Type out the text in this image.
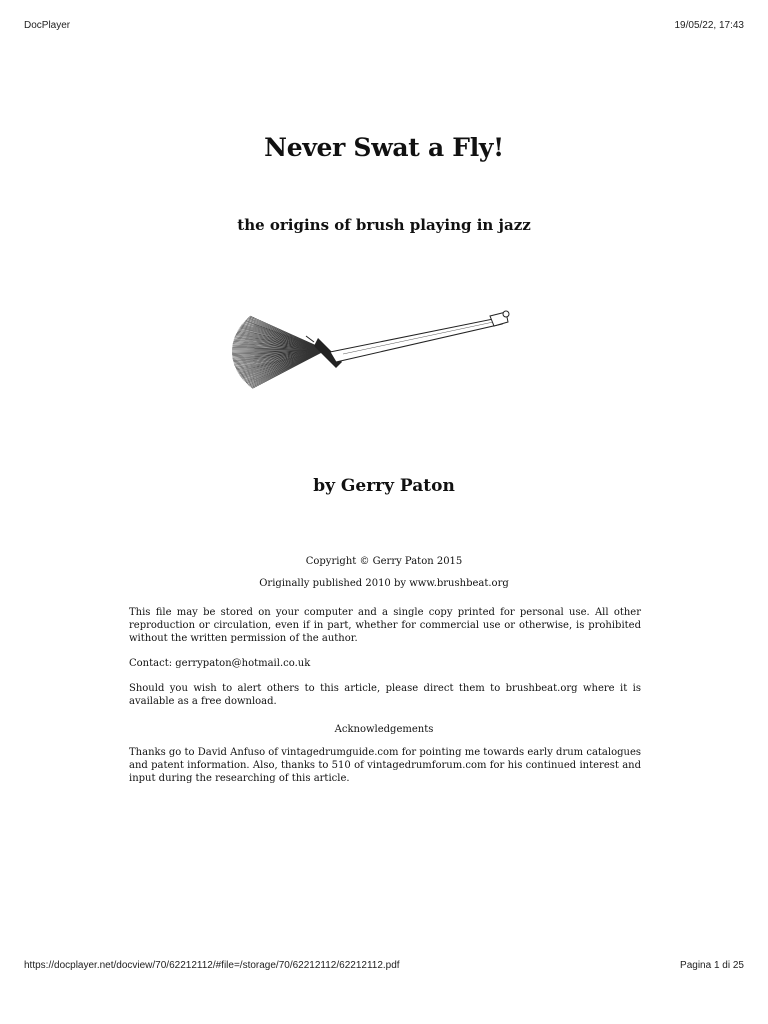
DocPlayer	19/05/22, 17:43
Never Swat a Fly!
the origins of brush playing in jazz
by Gerry Paton
Copyright © Gerry Paton 2015
Originally published 2010 by www.brushbeat.org
This file may be stored on your computer and a single copy printed for personal use. All other reproduction or circulation, even if in part, whether for commercial use or otherwise, is prohibited without the written permission of the author.
Contact: gerrypaton@hotmail.co.uk
Should you wish to alert others to this article, please direct them to brushbeat.org where it is available as a free download.
Acknowledgements
Thanks go to David Anfuso of vintagedrumguide.com for pointing me towards early drum catalogues and patent information. Also, thanks to 510 of vintagedrumforum.com for his continued interest and input during the researching of this article.
https://docplayer.net/docview/70/62212112/#file=/storage/70/62212112/62212112.pdf	Pagina 1 di 25
